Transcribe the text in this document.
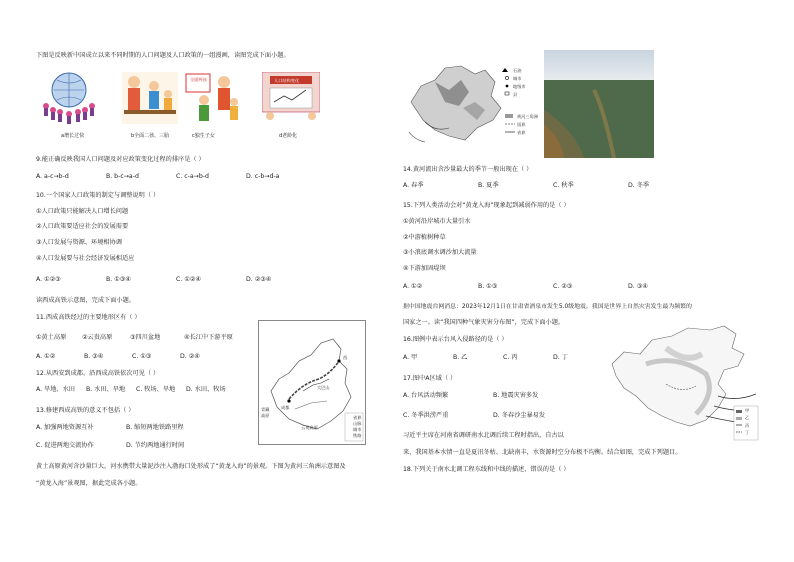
下图是反映新中国成立以来不同时期的人口问题及人口政策的一组漫画，读图完成下面小题。
全面两孩	人口结构变化
a增长过快	b全面二孩、三胎	c独生子女	d老龄化
9.能正确反映我国人口问题及对应政策变化过程的排序是（ ）
A. a-c→b-d	B. b-c→a-d	C. c-a→b-d	D. c-b→d-a
10.一个国家人口政策的制定与调整说明（ ）
①人口政策只能解决人口增长问题
②人口政策要适应社会的发展需要
③人口发展与资源、环境相协调
④人口发展要与社会经济发展相适应
A. ①②③	B. ①③④	C. ①②④	D. ②③④
读西成高铁示意图，完成下面小题。
11.西成高铁经过的主要地形区有（ ）
①黄土高原	②云贵高原	③四川盆地	④长江中下游平原
A. ①②	B. ③④	C. ①③	D. ②④
12.从西安到成都，沿西成高铁依次可见（ ）
A. 旱地、水田 B. 水田、旱地 C. 牧场、旱地 D. 水田、牧场
13.修建西成高铁的意义不包括（ ）
A. 加强两地资源互补	B. 缩短两地铁路里程
C. 促进两地交流协作	D. 节约两地通行时间
青藏高原
西
大巴山
成都
云贵高原
省界
山脉
城市
铁路
黄土高原黄河含沙量巨大，河水携带大量泥沙注入渤海口处形成了“黄龙入海”的景观。下图为黄河三角洲示意图及
“黄龙入海”景观图，据此完成各小题。
石油
城市
地级市
县
黄河三角洲
国界
省界
14.黄河流出含沙量最大的季节一般出现在（ ）
A. 春季	B. 夏季	C. 秋季	D. 冬季
15.下列人类活动会对“黄龙入海”现象起到减弱作用的是（ ）
①黄河沿岸城市大量引水
②中游植树种草
③小浪底调水调沙加大流量
④下游加固堤坝
A. ①②	B. ①③	C. ②③	D. ③④
据中国地震台网消息：2023年12月1日在甘肃省酒泉市发生5.0级地震。我国是世界上自然灾害发生最为频繁的
国家之一。读“我国四种气象灾害分布图”，完成下面小题。
16.图例中表示台风入侵路径的是（ ）
A. 甲	B. 乙	C. 丙	D. 丁
17.图中A区域（ ）
A. 台风活动频繁	B. 地震灾害多发
C. 冬季洪涝严重	D. 冬春沙尘暴易发
甲
乙
丙
丁
习近平主席在河南省调研南水北调后续工程时指出，自古以
来，我国基本水情一直是夏汛冬枯、北缺南丰，水资源时空分布极不均衡。结合如图，完成下列题目。
18.下列关于南水北调工程东线和中线的描述，错误的是（ ）
